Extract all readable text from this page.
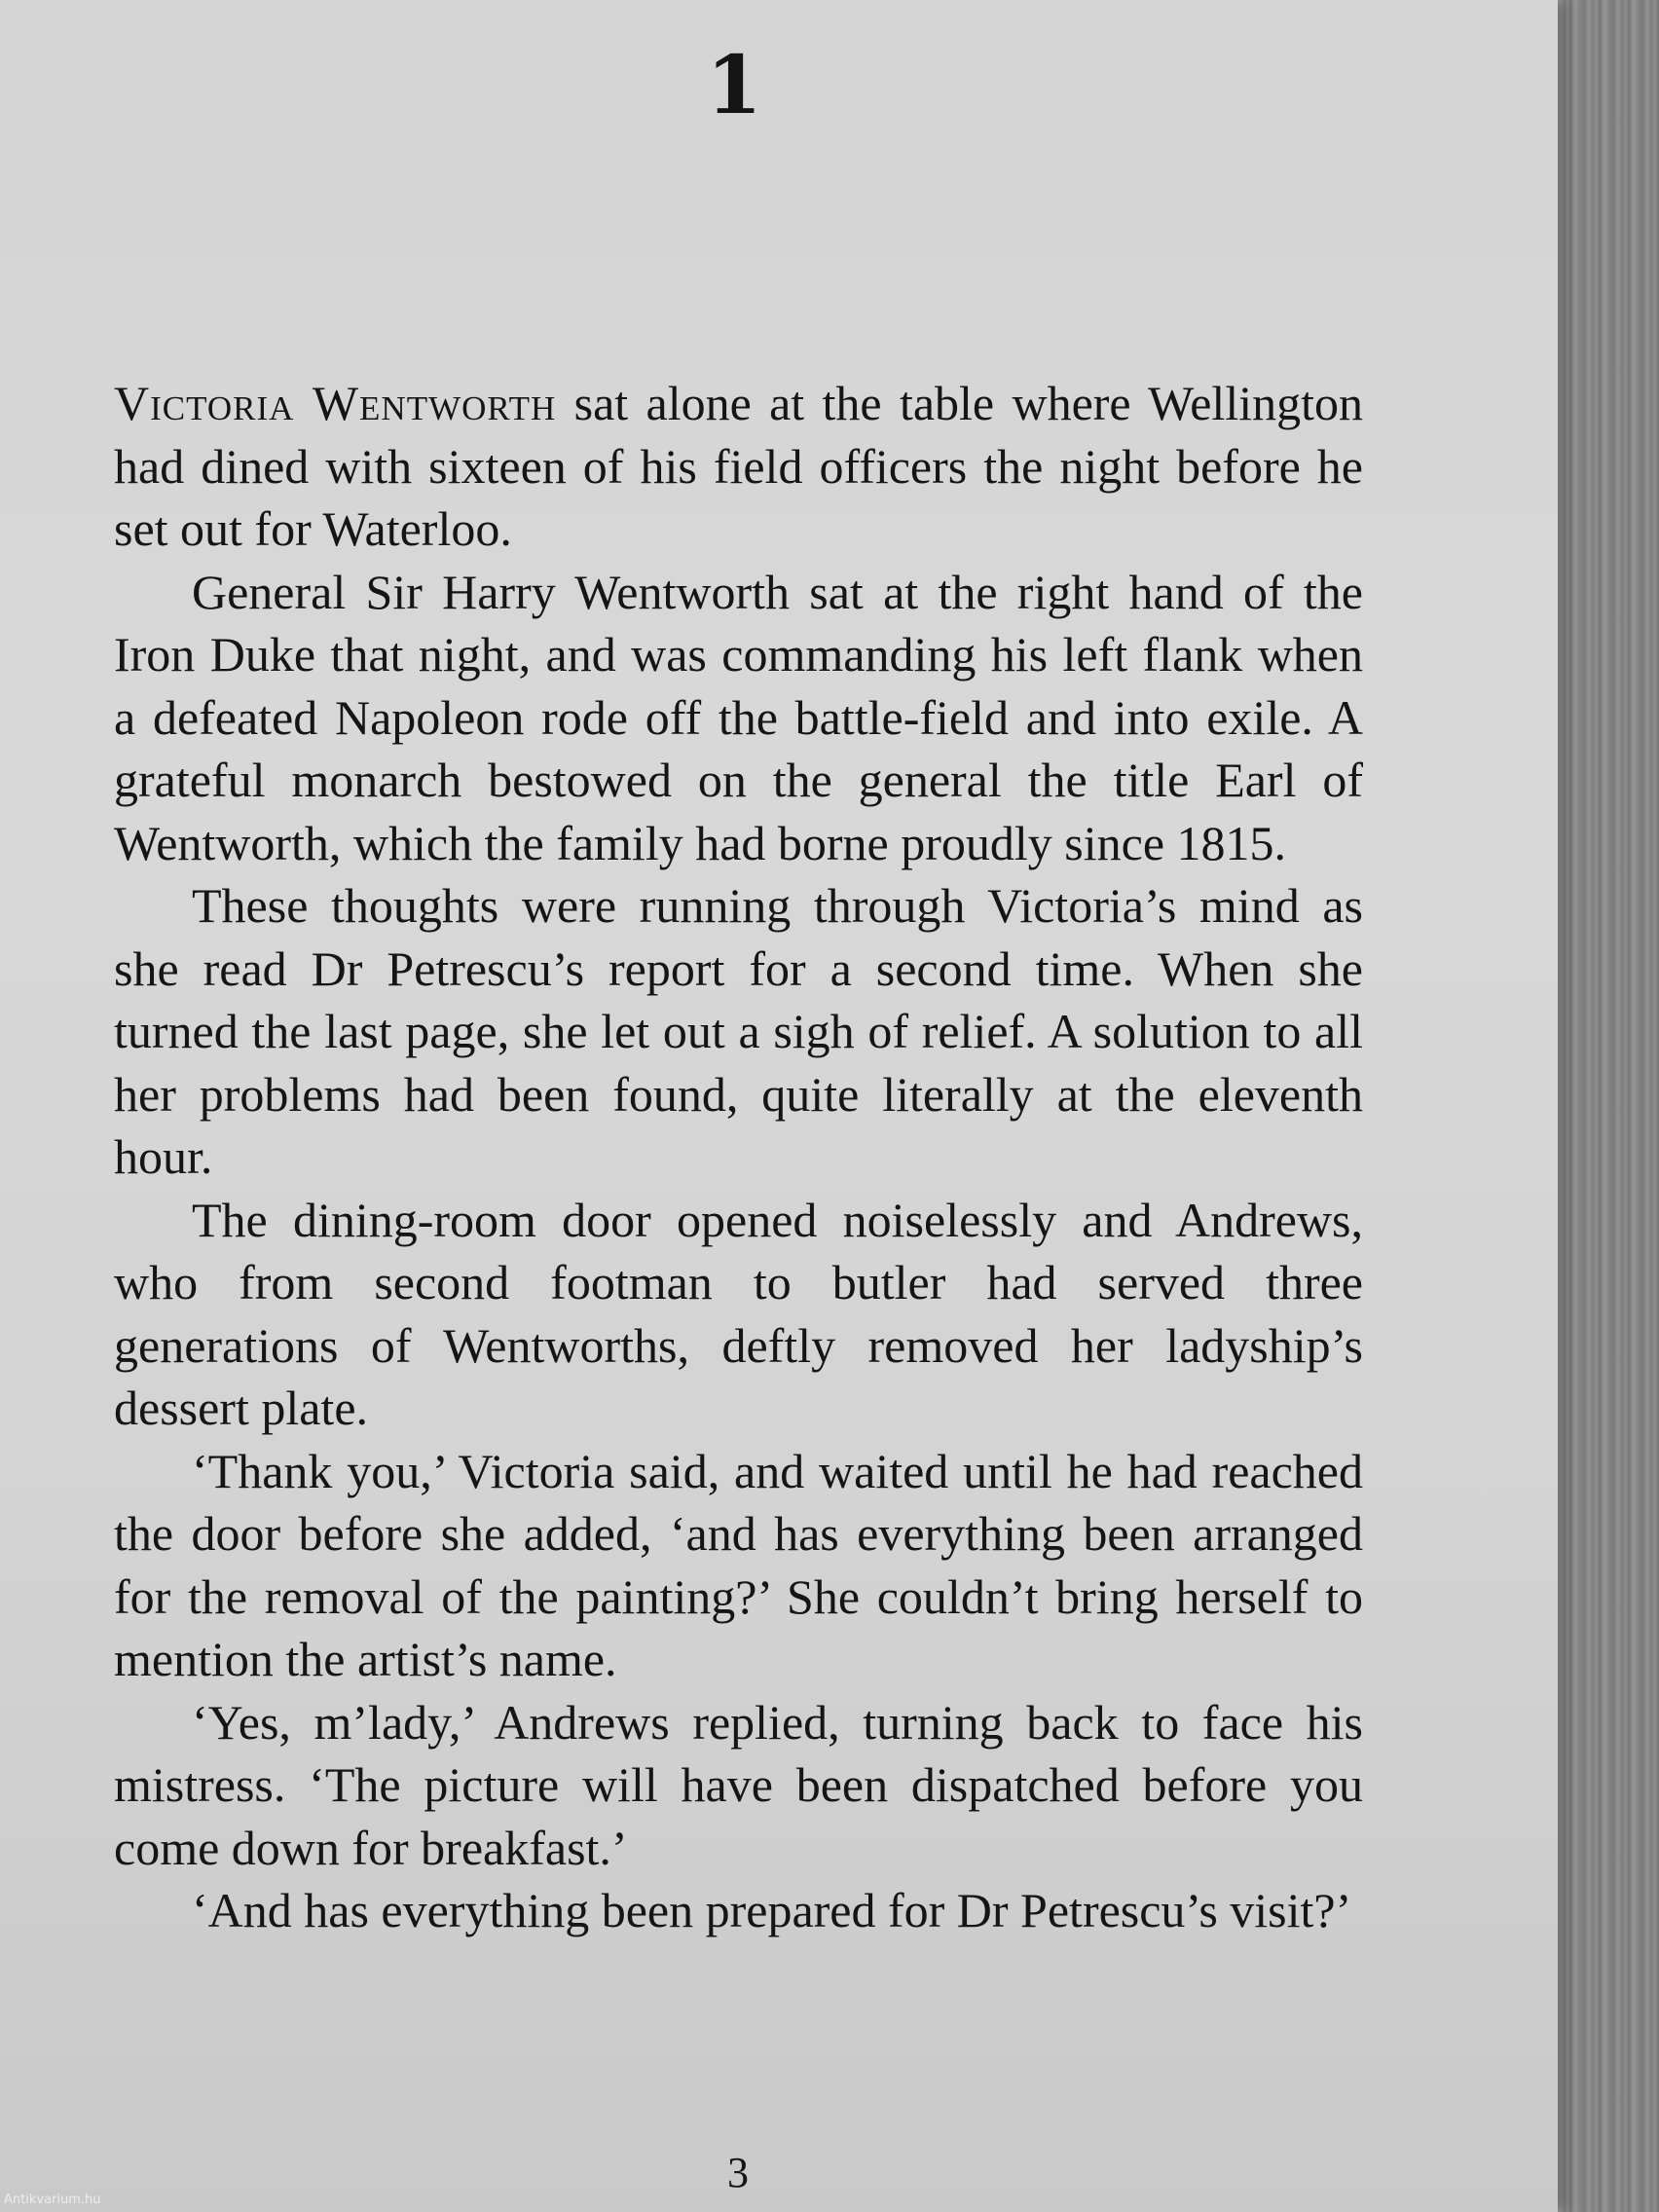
1

Victoria Wentworth sat alone at the table where Wellington had dined with sixteen of his field officers the night before he set out for Waterloo.

General Sir Harry Wentworth sat at the right hand of the Iron Duke that night, and was commanding his left flank when a defeated Napoleon rode off the battle-field and into exile. A grateful monarch bestowed on the general the title Earl of Wentworth, which the family had borne proudly since 1815.

These thoughts were running through Victoria’s mind as she read Dr Petrescu’s report for a second time. When she turned the last page, she let out a sigh of relief. A solution to all her problems had been found, quite literally at the eleventh hour.

The dining-room door opened noiselessly and Andrews, who from second footman to butler had served three generations of Wentworths, deftly removed her ladyship’s dessert plate.

‘Thank you,’ Victoria said, and waited until he had reached the door before she added, ‘and has everything been arranged for the removal of the painting?’ She couldn’t bring herself to mention the artist’s name.

‘Yes, m’lady,’ Andrews replied, turning back to face his mistress. ‘The picture will have been dispatched before you come down for breakfast.’

‘And has everything been prepared for Dr Petrescu’s visit?’

3
Antikvarium.hu
